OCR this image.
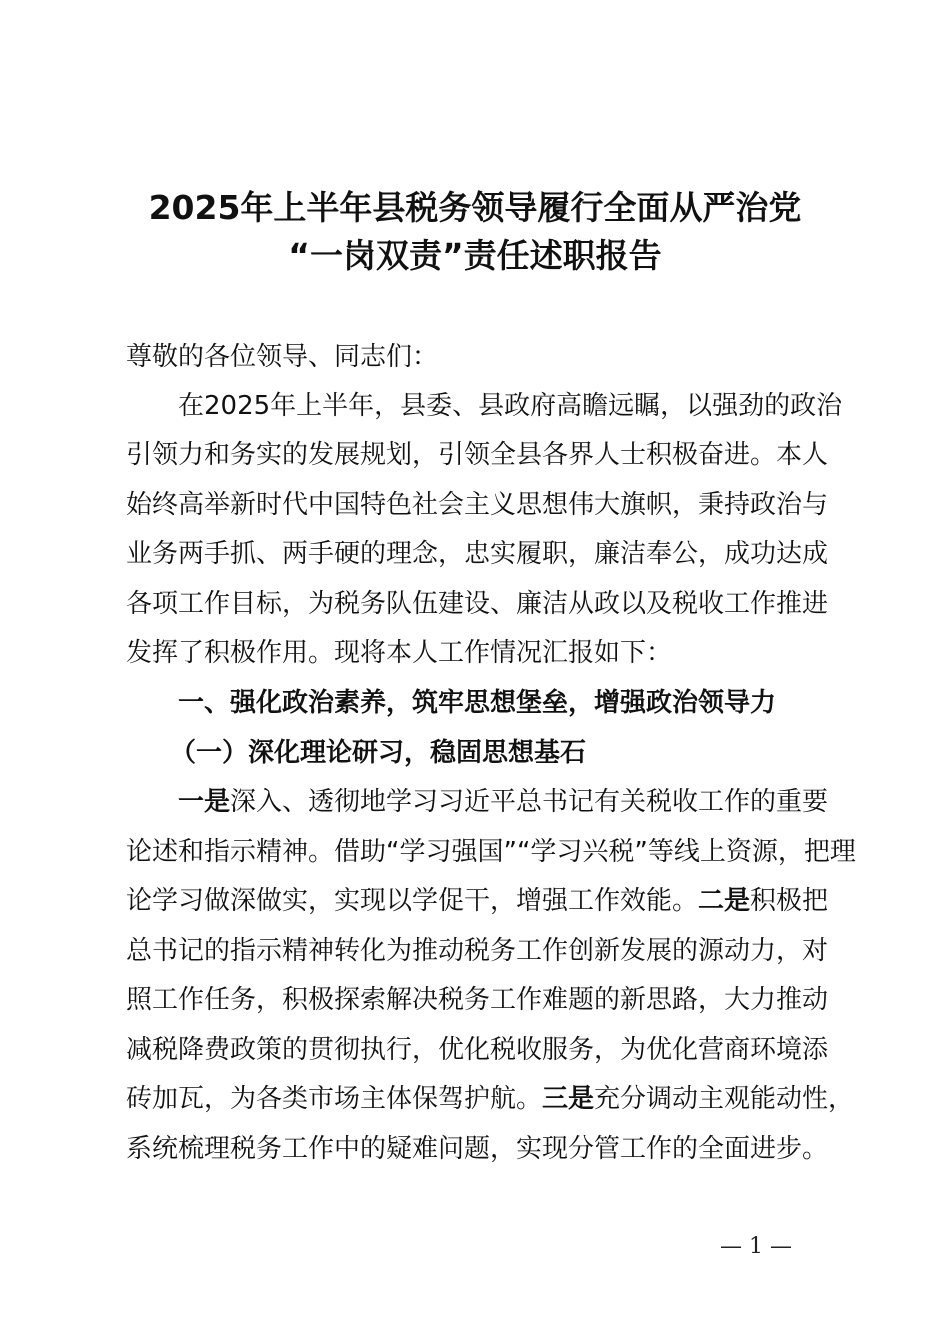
2025年上半年县税务领导履行全面从严治党
“一岗双责”责任述职报告
尊敬的各位领导、同志们：
在2025年上半年，县委、县政府高瞻远瞩，以强劲的政治
引领力和务实的发展规划，引领全县各界人士积极奋进。本人
始终高举新时代中国特色社会主义思想伟大旗帜，秉持政治与
业务两手抓、两手硬的理念，忠实履职，廉洁奉公，成功达成
各项工作目标，为税务队伍建设、廉洁从政以及税收工作推进
发挥了积极作用。现将本人工作情况汇报如下：
一、强化政治素养，筑牢思想堡垒，增强政治领导力
（一）深化理论研习，稳固思想基石
一是深入、透彻地学习习近平总书记有关税收工作的重要
论述和指示精神。借助“学习强国”“学习兴税”等线上资源，把理
论学习做深做实，实现以学促干，增强工作效能。二是积极把
总书记的指示精神转化为推动税务工作创新发展的源动力，对
照工作任务，积极探索解决税务工作难题的新思路，大力推动
减税降费政策的贯彻执行，优化税收服务，为优化营商环境添
砖加瓦，为各类市场主体保驾护航。三是充分调动主观能动性，
系统梳理税务工作中的疑难问题，实现分管工作的全面进步。
— 1 —
